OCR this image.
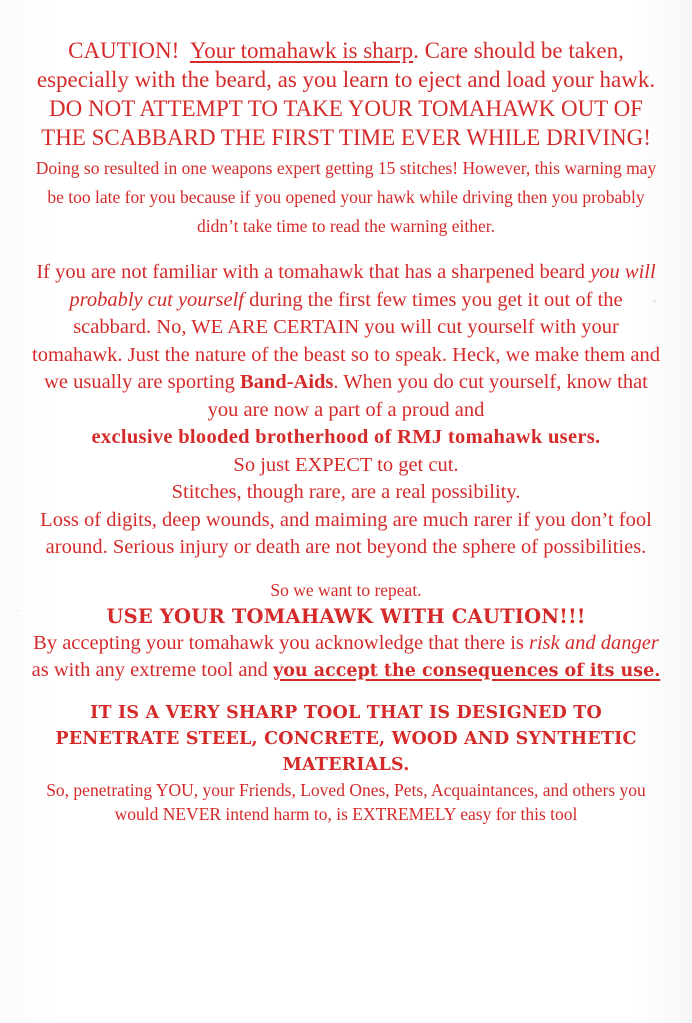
CAUTION! Your tomahawk is sharp. Care should be taken, especially with the beard, as you learn to eject and load your hawk. DO NOT ATTEMPT TO TAKE YOUR TOMAHAWK OUT OF THE SCABBARD THE FIRST TIME EVER WHILE DRIVING! Doing so resulted in one weapons expert getting 15 stitches! However, this warning may be too late for you because if you opened your hawk while driving then you probably didn’t take time to read the warning either.

If you are not familiar with a tomahawk that has a sharpened beard you will probably cut yourself during the first few times you get it out of the scabbard. No, WE ARE CERTAIN you will cut yourself with your tomahawk. Just the nature of the beast so to speak. Heck, we make them and we usually are sporting Band-Aids. When you do cut yourself, know that you are now a part of a proud and
exclusive blooded brotherhood of RMJ tomahawk users.
So just EXPECT to get cut.
Stitches, though rare, are a real possibility.
Loss of digits, deep wounds, and maiming are much rarer if you don’t fool around. Serious injury or death are not beyond the sphere of possibilities.

So we want to repeat.
USE YOUR TOMAHAWK WITH CAUTION!!!
By accepting your tomahawk you acknowledge that there is risk and danger as with any extreme tool and you accept the consequences of its use.

IT IS A VERY SHARP TOOL THAT IS DESIGNED TO PENETRATE STEEL, CONCRETE, WOOD AND SYNTHETIC MATERIALS.
So, penetrating YOU, your Friends, Loved Ones, Pets, Acquaintances, and others you would NEVER intend harm to, is EXTREMELY easy for this tool
